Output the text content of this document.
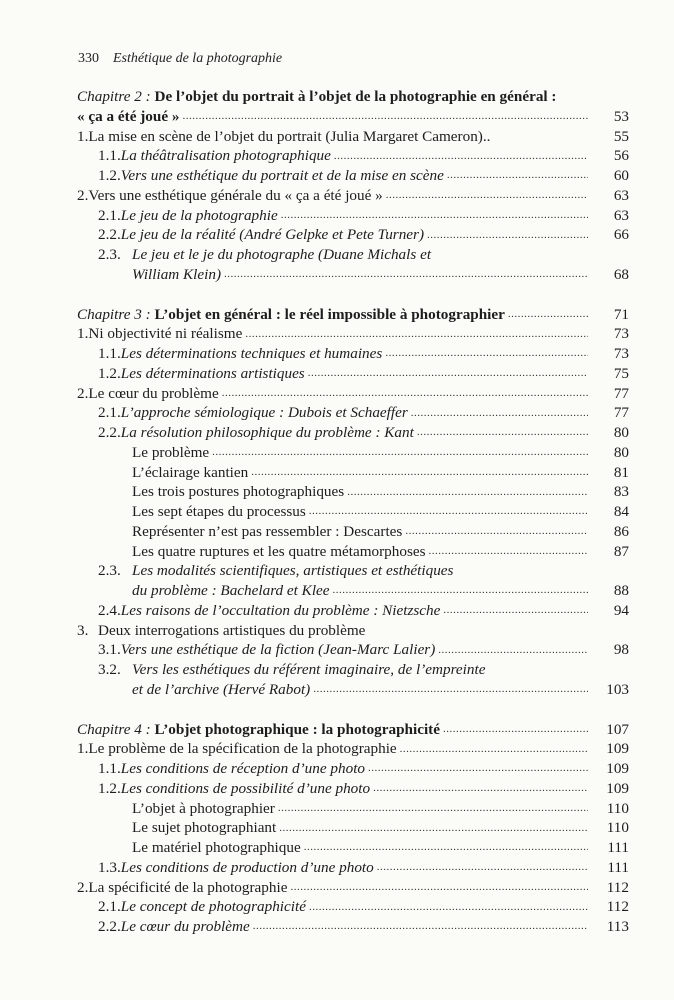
330 Esthétique de la photographie
Chapitre 2 : De l’objet du portrait à l’objet de la photographie en général :
« ça a été joué » .....	53
1. La mise en scène de l’objet du portrait (Julia Margaret Cameron)..	55
1.1. La théâtralisation photographique .....	56
1.2. Vers une esthétique du portrait et de la mise en scène .....	60
2. Vers une esthétique générale du « ça a été joué » .....	63
2.1. Le jeu de la photographie .....	63
2.2. Le jeu de la réalité (André Gelpke et Pete Turner) .....	66
2.3. Le jeu et le je du photographe (Duane Michals et
William Klein) .....	68
Chapitre 3 : L’objet en général : le réel impossible à photographier .....	71
1. Ni objectivité ni réalisme .....	73
1.1. Les déterminations techniques et humaines .....	73
1.2. Les déterminations artistiques .....	75
2. Le cœur du problème .....	77
2.1. L’approche sémiologique : Dubois et Schaeffer .....	77
2.2. La résolution philosophique du problème : Kant .....	80
Le problème .....	80
L’éclairage kantien .....	81
Les trois postures photographiques .....	83
Les sept étapes du processus .....	84
Représenter n’est pas ressembler : Descartes .....	86
Les quatre ruptures et les quatre métamorphoses .....	87
2.3. Les modalités scientifiques, artistiques et esthétiques
du problème : Bachelard et Klee .....	88
2.4. Les raisons de l’occultation du problème : Nietzsche .....	94
3. Deux interrogations artistiques du problème
3.1. Vers une esthétique de la fiction (Jean-Marc Lalier) .....	98
3.2. Vers les esthétiques du référent imaginaire, de l’empreinte
et de l’archive (Hervé Rabot) .....	103
Chapitre 4 : L’objet photographique : la photographicité .....	107
1. Le problème de la spécification de la photographie .....	109
1.1. Les conditions de réception d’une photo .....	109
1.2. Les conditions de possibilité d’une photo .....	109
L’objet à photographier .....	110
Le sujet photographiant .....	110
Le matériel photographique .....	111
1.3. Les conditions de production d’une photo .....	111
2. La spécificité de la photographie .....	112
2.1. Le concept de photographicité .....	112
2.2. Le cœur du problème .....	113
